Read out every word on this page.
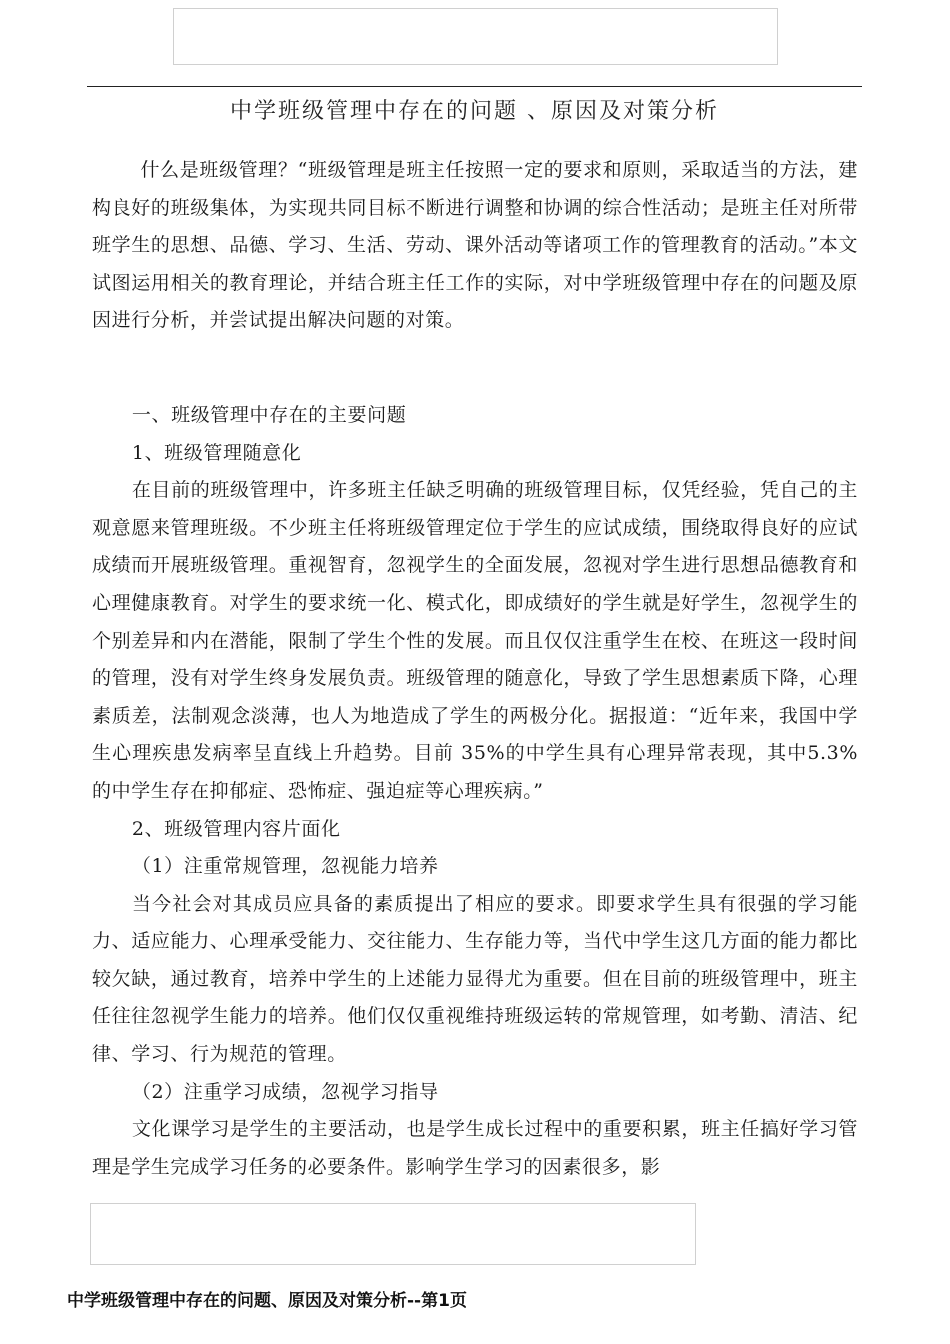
中学班级管理中存在的问题 、原因及对策分析

什么是班级管理？“班级管理是班主任按照一定的要求和原则，采取适当的方法，建构良好的班级集体，为实现共同目标不断进行调整和协调的综合性活动；是班主任对所带班学生的思想、品德、学习、生活、劳动、课外活动等诸项工作的管理教育的活动。”本文试图运用相关的教育理论，并结合班主任工作的实际，对中学班级管理中存在的问题及原因进行分析，并尝试提出解决问题的对策。

一、班级管理中存在的主要问题

1、班级管理随意化

在目前的班级管理中，许多班主任缺乏明确的班级管理目标，仅凭经验，凭自己的主观意愿来管理班级。不少班主任将班级管理定位于学生的应试成绩，围绕取得良好的应试成绩而开展班级管理。重视智育，忽视学生的全面发展，忽视对学生进行思想品德教育和心理健康教育。对学生的要求统一化、模式化，即成绩好的学生就是好学生，忽视学生的个别差异和内在潜能，限制了学生个性的发展。而且仅仅注重学生在校、在班这一段时间的管理，没有对学生终身发展负责。班级管理的随意化，导致了学生思想素质下降，心理素质差，法制观念淡薄，也人为地造成了学生的两极分化。据报道：“近年来，我国中学生心理疾患发病率呈直线上升趋势。目前 35%的中学生具有心理异常表现，其中5.3%的中学生存在抑郁症、恐怖症、强迫症等心理疾病。”

2、班级管理内容片面化

（1）注重常规管理，忽视能力培养

当今社会对其成员应具备的素质提出了相应的要求。即要求学生具有很强的学习能力、适应能力、心理承受能力、交往能力、生存能力等，当代中学生这几方面的能力都比较欠缺，通过教育，培养中学生的上述能力显得尤为重要。但在目前的班级管理中，班主任往往忽视学生能力的培养。他们仅仅重视维持班级运转的常规管理，如考勤、清洁、纪律、学习、行为规范的管理。

（2）注重学习成绩，忽视学习指导

文化课学习是学生的主要活动，也是学生成长过程中的重要积累，班主任搞好学习管理是学生完成学习任务的必要条件。影响学生学习的因素很多，影

中学班级管理中存在的问题、原因及对策分析--第1页
